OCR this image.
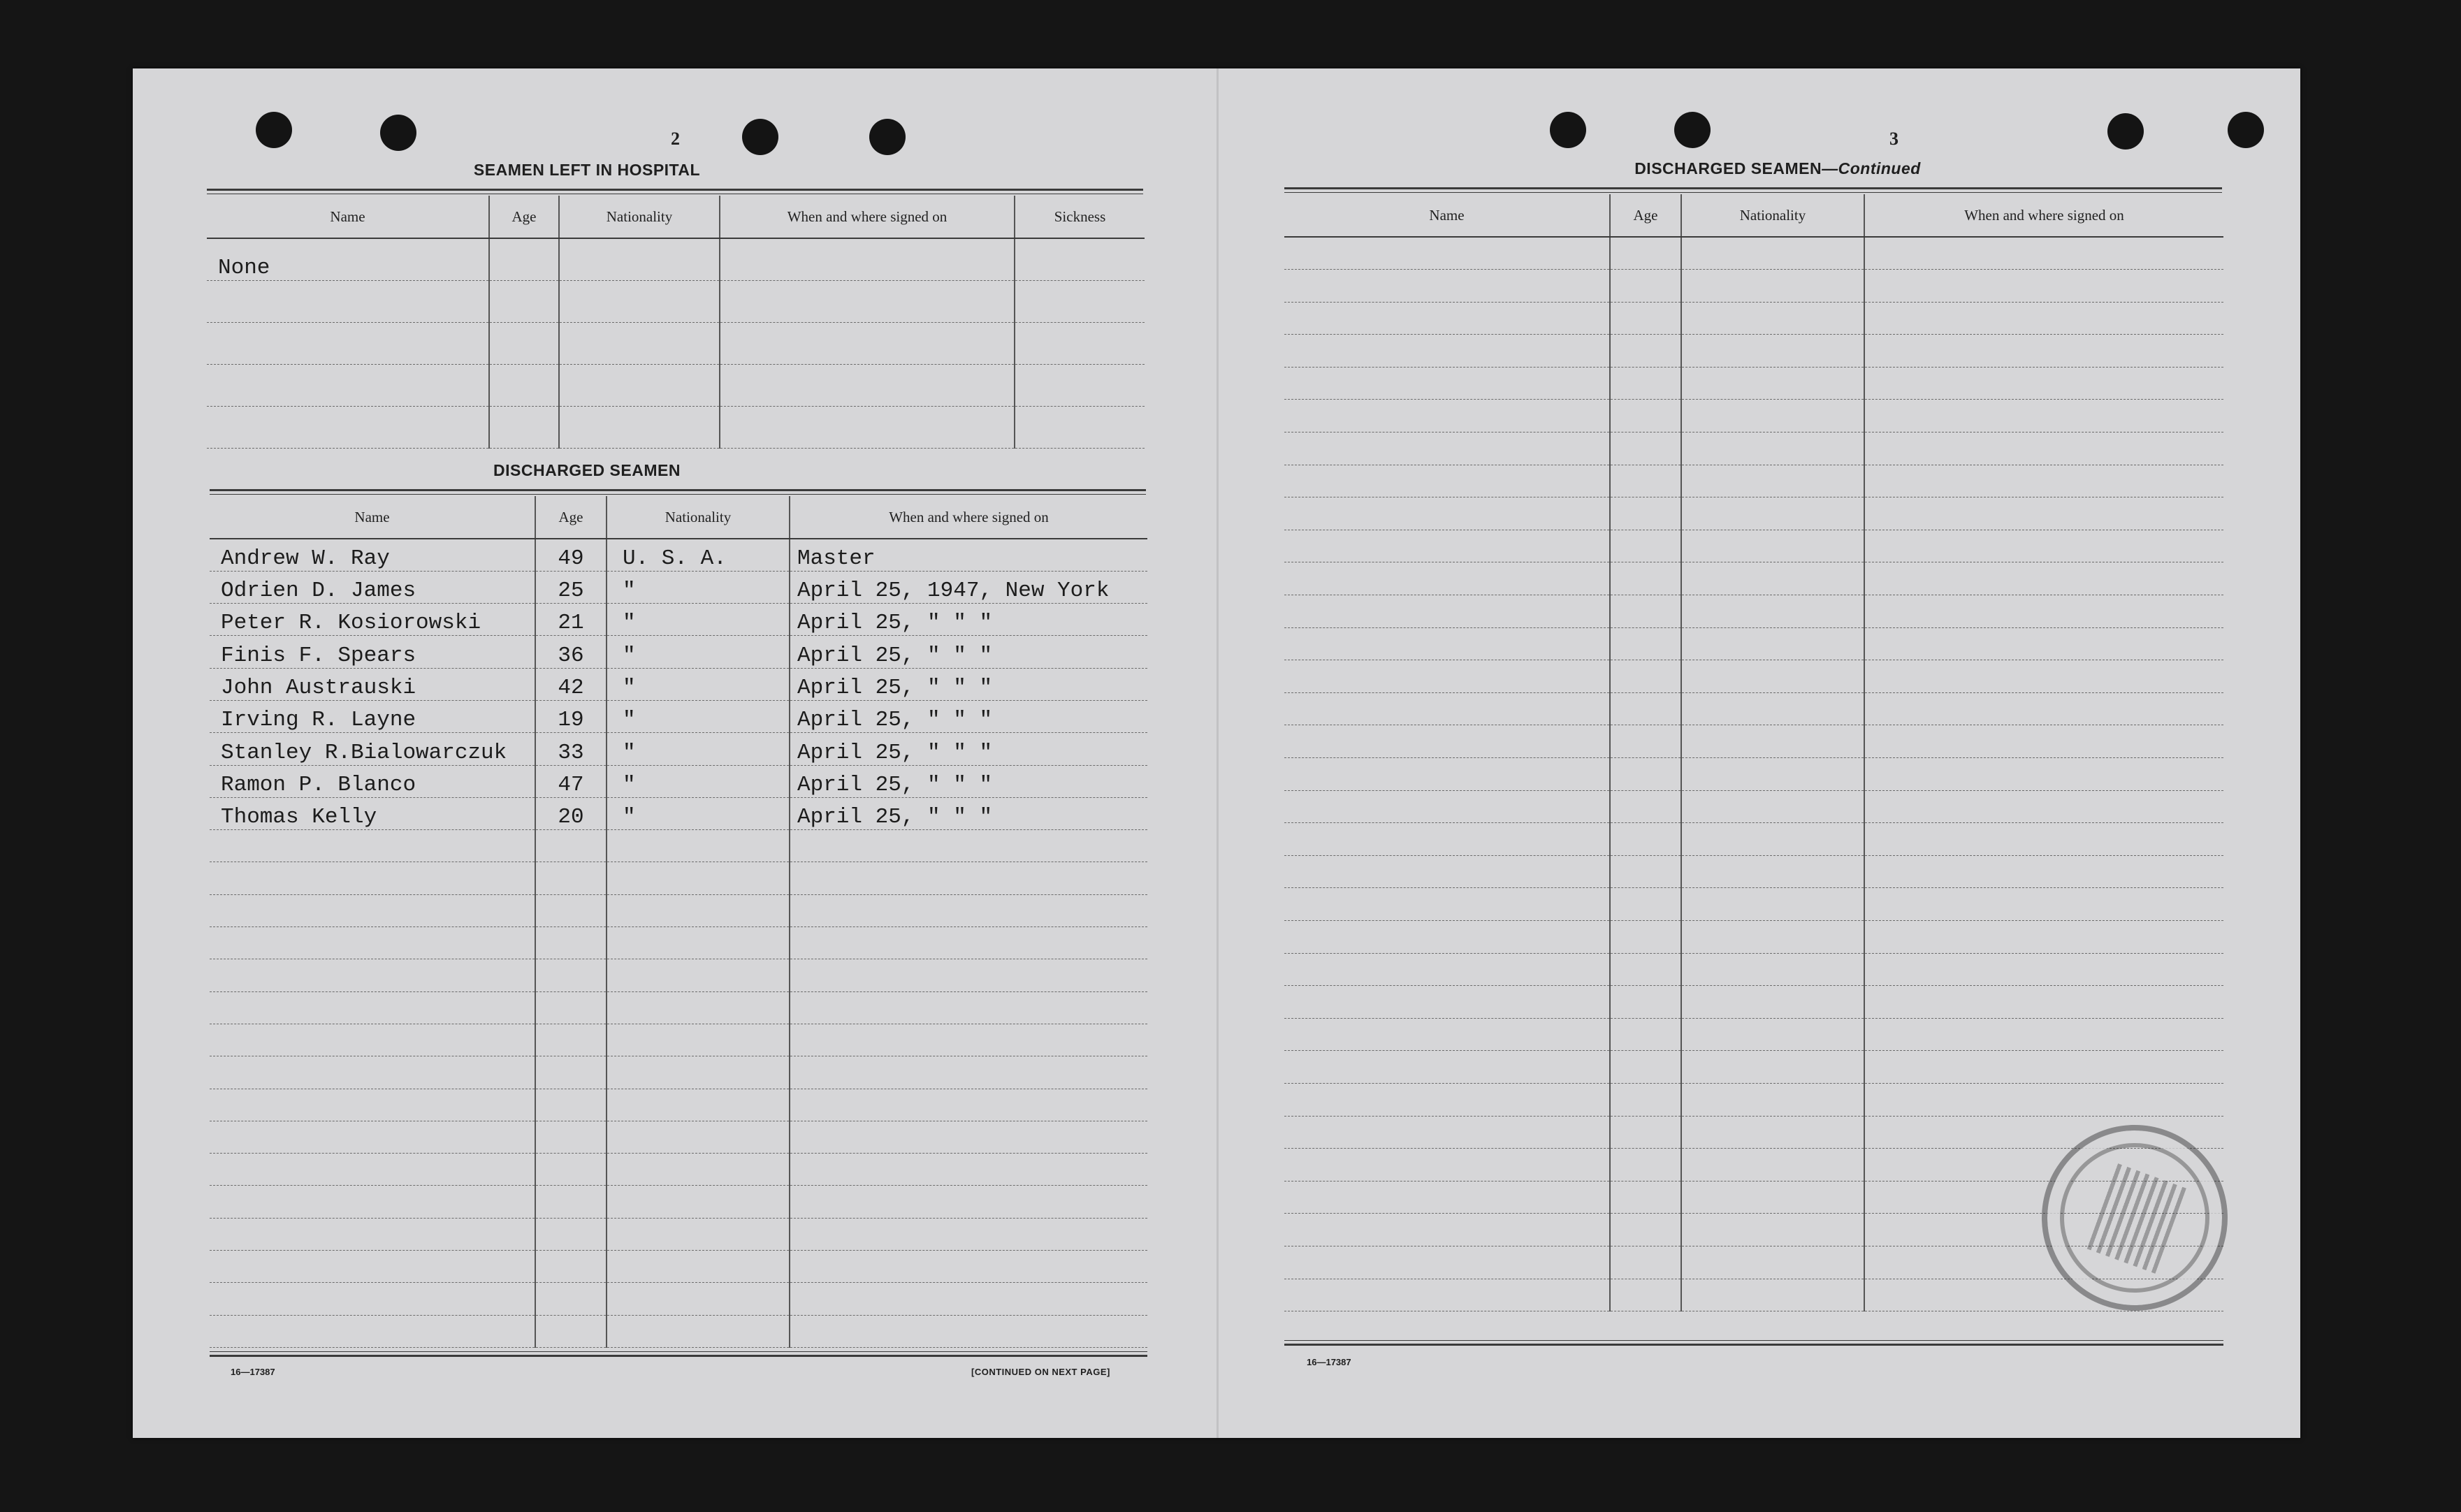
2
SEAMEN LEFT IN HOSPITAL
Name	Age	Nationality	When and where signed on	Sickness
None				

DISCHARGED SEAMEN
Name	Age	Nationality	When and where signed on
Andrew W. Ray	49	U. S. A.	Master
Odrien D. James	25	"	April 25, 1947, New York
Peter R. Kosiorowski	21	"	April 25, " " "
Finis F. Spears	36	"	April 25, " " "
John Austrauski	42	"	April 25, " " "
Irving R. Layne	19	"	April 25, " " "
Stanley R.Bialowarczuk	33	"	April 25, " " "
Ramon P. Blanco	47	"	April 25, " " "
Thomas Kelly	20	"	April 25, " " "

16—17387	[CONTINUED ON NEXT PAGE]
3
DISCHARGED SEAMEN—Continued
Name	Age	Nationality	When and where signed on

16—17387
